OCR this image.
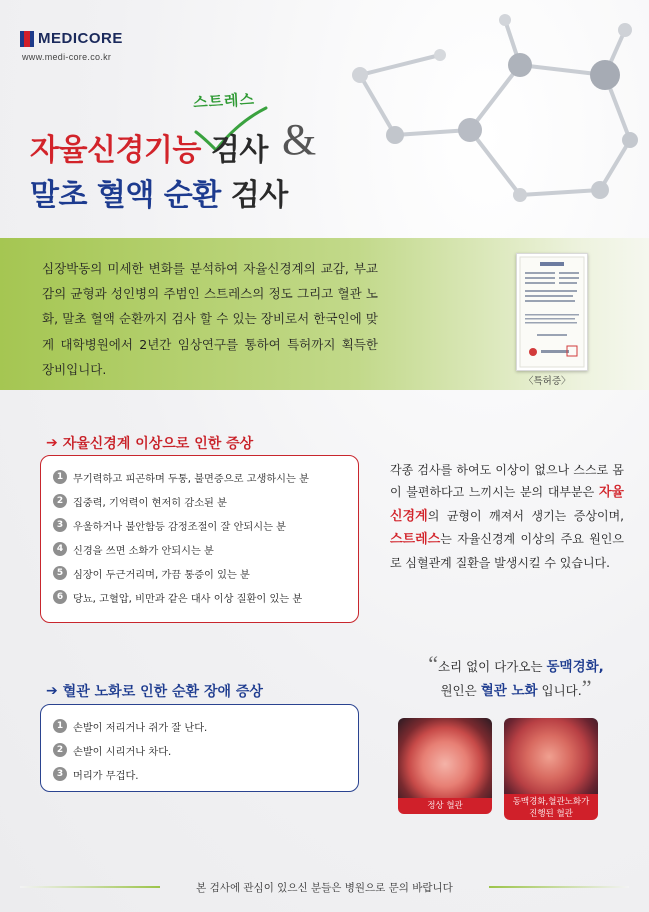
MEDICORE
www.medi-core.co.kr
스트레스
자율신경기능 검사 &
말초 혈액 순환 검사
심장박동의 미세한 변화를 분석하여 자율신경계의 교감, 부교감의 균형과 성인병의 주범인 스트레스의 정도 그리고 혈관 노화, 말초 혈액 순환까지 검사 할 수 있는 장비로서 한국인에 맞게 대학병원에서 2년간 임상연구를 통하여 특허까지 획득한 장비입니다.
〈특허증〉
➔ 자율신경계 이상으로 인한 증상
1 무기력하고 피곤하며 두통, 불면증으로 고생하시는 분
2 집중력, 기억력이 현저히 감소된 분
3 우울하거나 불안함등 감정조절이 잘 안되시는 분
4 신경을 쓰면 소화가 안되시는 분
5 심장이 두근거리며, 가끔 통증이 있는 분
6 당뇨, 고혈압, 비만과 같은 대사 이상 질환이 있는 분
각종 검사를 하여도 이상이 없으나 스스로 몸이 불편하다고 느끼시는 분의 대부분은 자율신경계의 균형이 깨져서 생기는 증상이며, 스트레스는 자율신경계 이상의 주요 원인으로 심혈관계 질환을 발생시킬 수 있습니다.
➔ 혈관 노화로 인한 순환 장애 증상
1 손발이 저리거나 쥐가 잘 난다.
2 손발이 시리거나 차다.
3 머리가 무겁다.
“소리 없이 다가오는 동맥경화,
원인은 혈관 노화 입니다.”
정상 혈관	동맥경화,혈관노화가
진행된 혈관
본 검사에 관심이 있으신 분들은 병원으로 문의 바랍니다
